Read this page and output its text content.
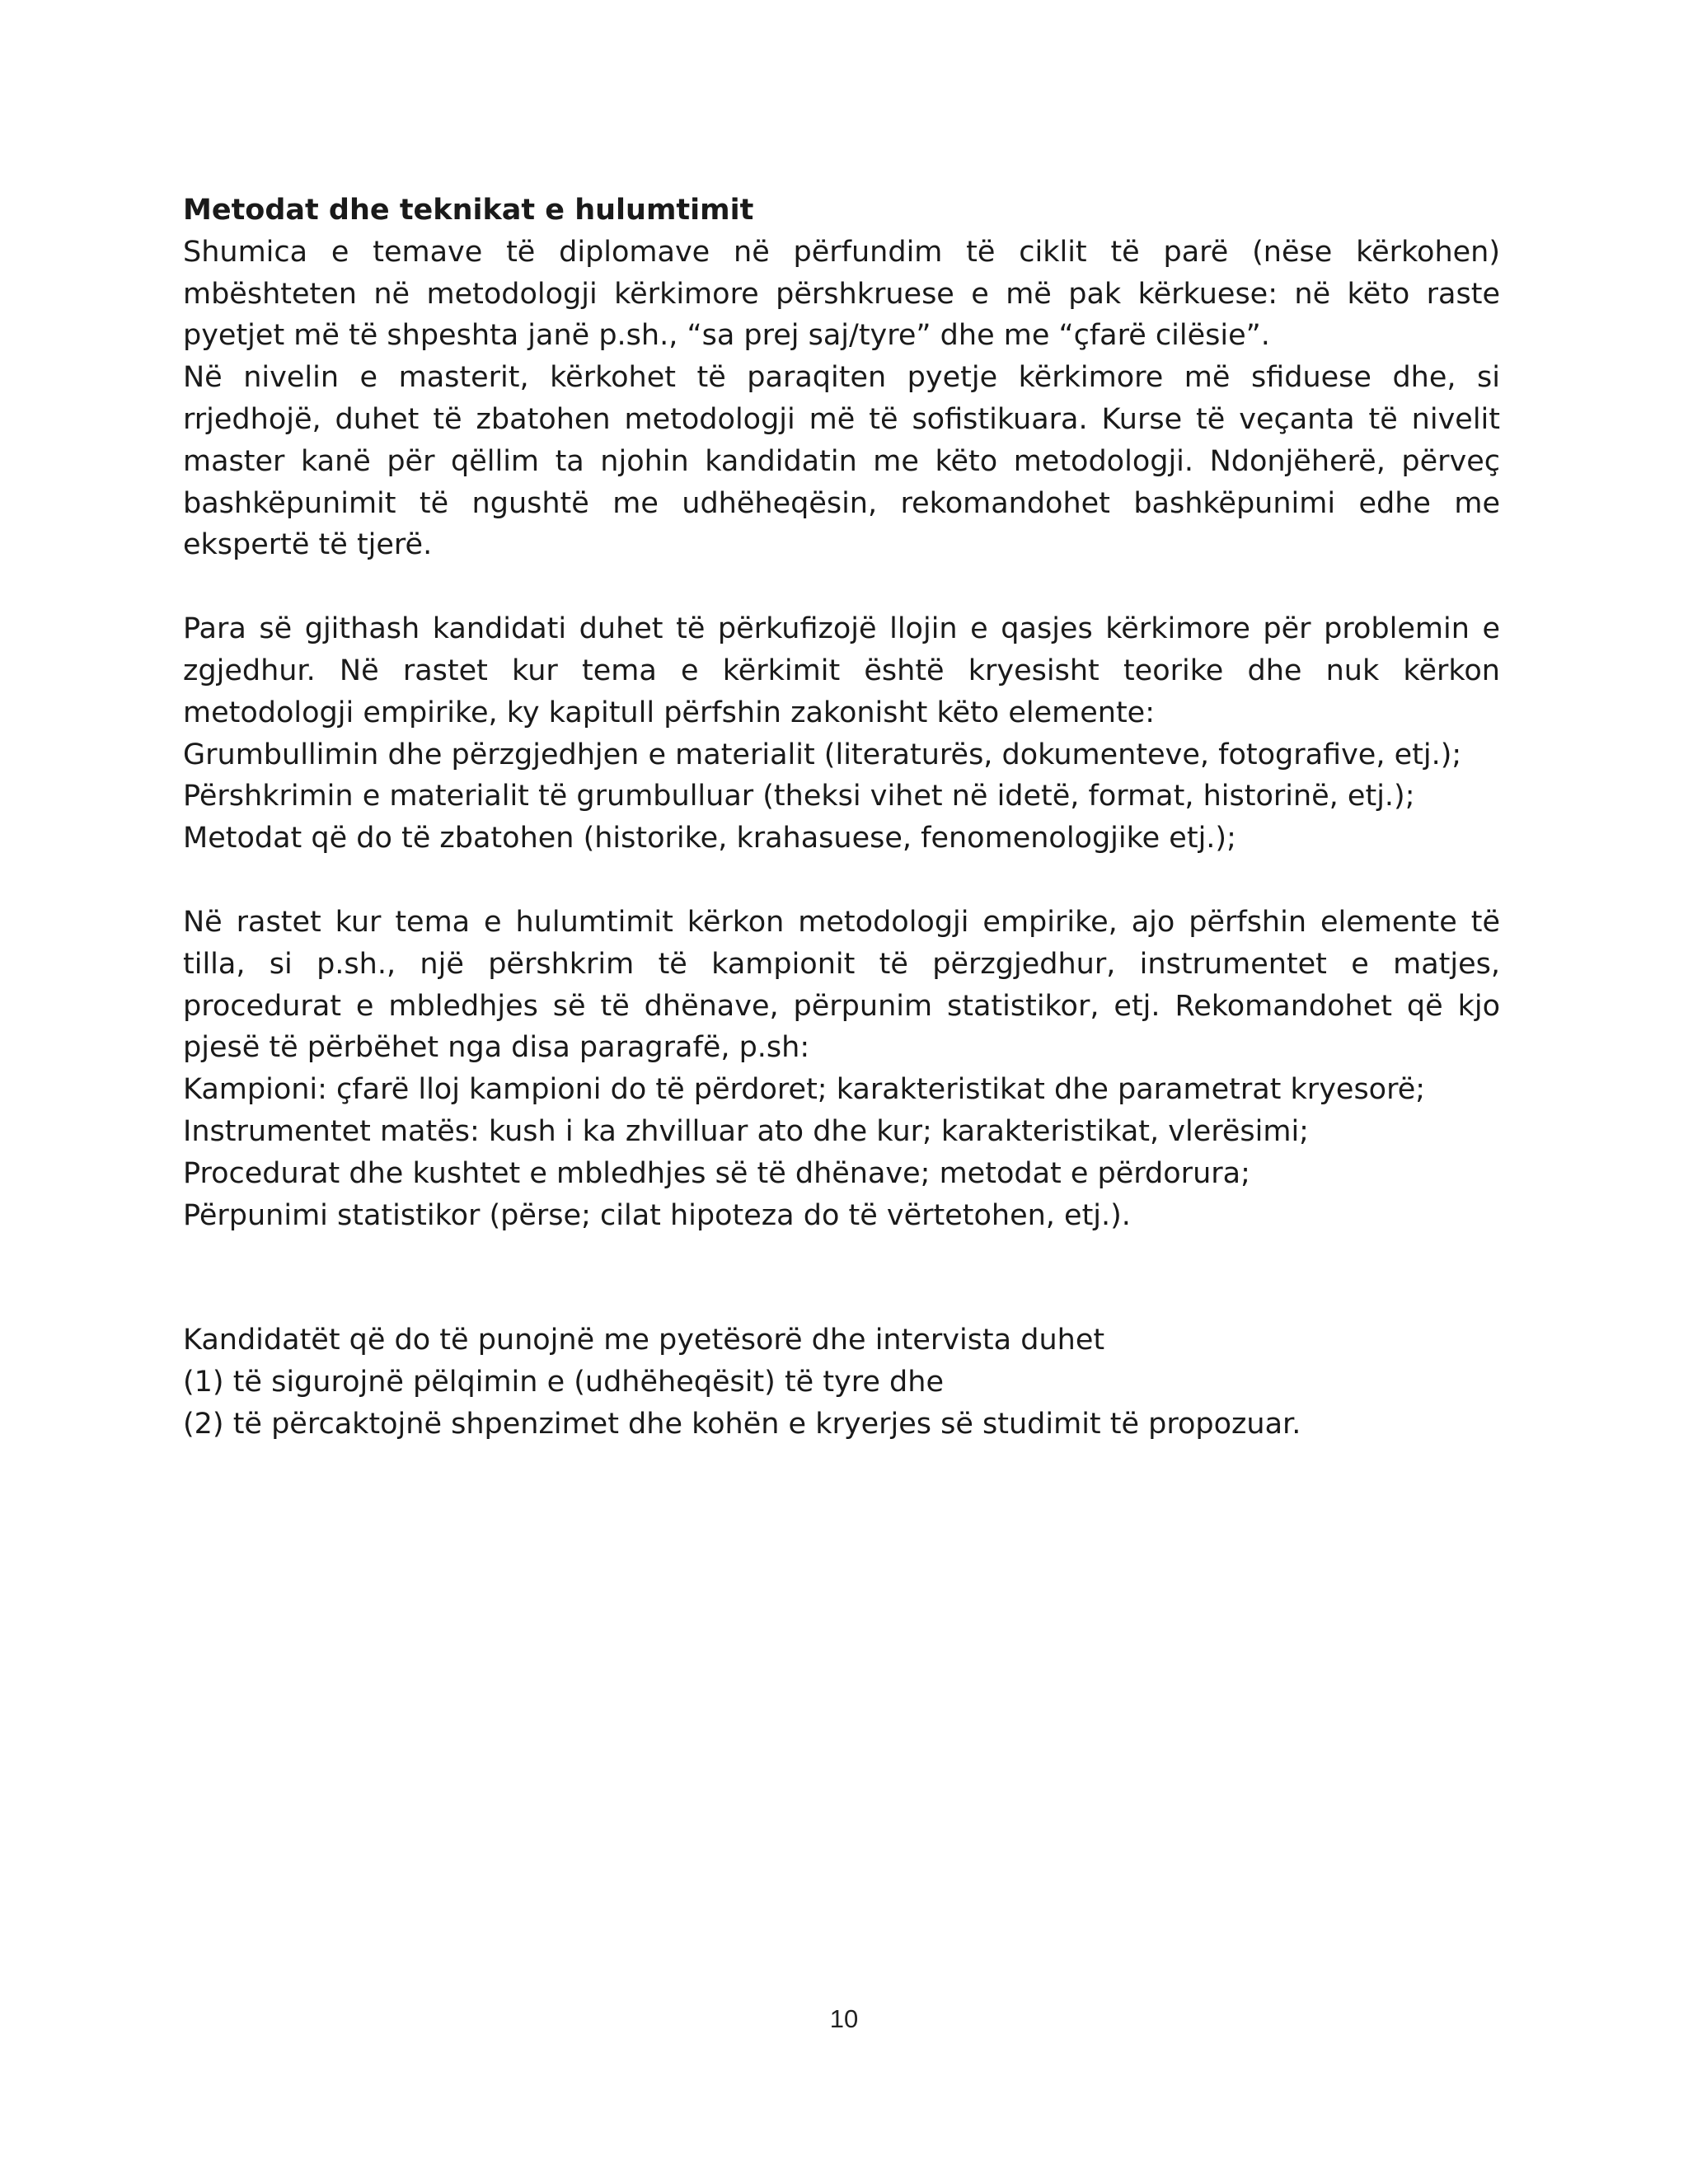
Metodat dhe teknikat e hulumtimit

Shumica e temave të diplomave në përfundim të ciklit të parë (nëse kërkohen) mbështeten në metodologji kërkimore përshkruese e më pak kërkuese: në këto raste pyetjet më të shpeshta janë p.sh., “sa prej saj/tyre” dhe me “çfarë cilësie”.

Në nivelin e masterit, kërkohet të paraqiten pyetje kërkimore më sfiduese dhe, si rrjedhojë, duhet të zbatohen metodologji më të sofistikuara. Kurse të veçanta të nivelit master kanë për qëllim ta njohin kandidatin me këto metodologji. Ndonjëherë, përveç bashkëpunimit të ngushtë me udhëheqësin, rekomandohet bashkëpunimi edhe me ekspertë të tjerë.

Para së gjithash kandidati duhet të përkufizojë llojin e qasjes kërkimore për problemin e zgjedhur. Në rastet kur tema e kërkimit është kryesisht teorike dhe nuk kërkon metodologji empirike, ky kapitull përfshin zakonisht këto elemente:

Grumbullimin dhe përzgjedhjen e materialit (literaturës, dokumenteve, fotografive, etj.);

Përshkrimin e materialit të grumbulluar (theksi vihet në idetë, format, historinë, etj.);

Metodat që do të zbatohen (historike, krahasuese, fenomenologjike etj.);

Në rastet kur tema e hulumtimit kërkon metodologji empirike, ajo përfshin elemente të tilla, si p.sh., një përshkrim të kampionit të përzgjedhur, instrumentet e matjes, procedurat e mbledhjes së të dhënave, përpunim statistikor, etj. Rekomandohet që kjo pjesë të përbëhet nga disa paragrafë, p.sh:

Kampioni: çfarë lloj kampioni do të përdoret; karakteristikat dhe parametrat kryesorë;

Instrumentet matës: kush i ka zhvilluar ato dhe kur; karakteristikat, vlerësimi;

Procedurat dhe kushtet e mbledhjes së të dhënave; metodat e përdorura;

Përpunimi statistikor (përse; cilat hipoteza do të vërtetohen, etj.).

Kandidatët që do të punojnë me pyetësorë dhe intervista duhet

(1) të sigurojnë pëlqimin e (udhëheqësit) të tyre dhe

(2) të përcaktojnë shpenzimet dhe kohën e kryerjes së studimit të propozuar.

10
